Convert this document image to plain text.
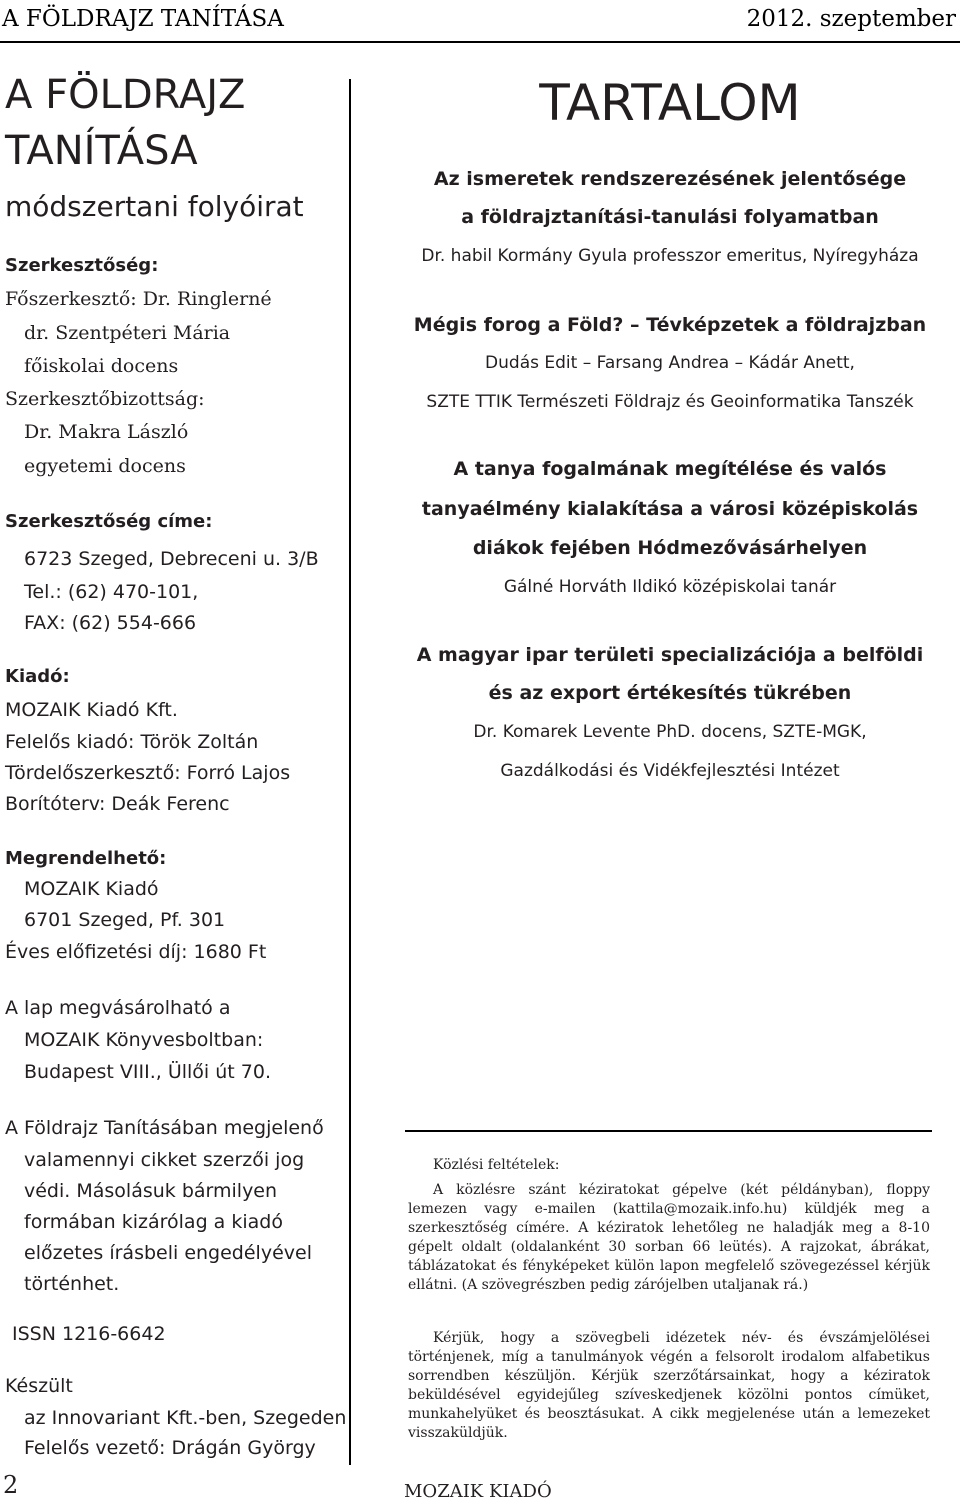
A FÖLDRAJZ TANÍTÁSA	2012. szeptember
A FÖLDRAJZ
TANÍTÁSA
módszertani folyóirat
Szerkesztőség:
Főszerkesztő: Dr. Ringlerné
dr. Szentpéteri Mária
főiskolai docens
Szerkesztőbizottság:
Dr. Makra László
egyetemi docens
Szerkesztőség címe:
6723 Szeged, Debreceni u. 3/B
Tel.: (62) 470-101,
FAX: (62) 554-666
Kiadó:
MOZAIK Kiadó Kft.
Felelős kiadó: Török Zoltán
Tördelőszerkesztő: Forró Lajos
Borítóterv: Deák Ferenc
Megrendelhető:
MOZAIK Kiadó
6701 Szeged, Pf. 301
Éves előfizetési díj: 1680 Ft
A lap megvásárolható a
MOZAIK Könyvesboltban:
Budapest VIII., Üllői út 70.
A Földrajz Tanításában megjelenő
valamennyi cikket szerzői jog
védi. Másolásuk bármilyen
formában kizárólag a kiadó
előzetes írásbeli engedélyével
történhet.
ISSN 1216-6642
Készült
az Innovariant Kft.-ben, Szegeden
Felelős vezető: Drágán György
2
TARTALOM
Az ismeretek rendszerezésének jelentősége
a földrajztanítási-tanulási folyamatban
Dr. habil Kormány Gyula professzor emeritus, Nyíregyháza
Mégis forog a Föld? – Tévképzetek a földrajzban
Dudás Edit – Farsang Andrea – Kádár Anett,
SZTE TTIK Természeti Földrajz és Geoinformatika Tanszék
A tanya fogalmának megítélése és valós
tanyaélmény kialakítása a városi középiskolás
diákok fejében Hódmezővásárhelyen
Gálné Horváth Ildikó középiskolai tanár
A magyar ipar területi specializációja a belföldi
és az export értékesítés tükrében
Dr. Komarek Levente PhD. docens, SZTE-MGK,
Gazdálkodási és Vidékfejlesztési Intézet
Közlési feltételek:
A közlésre szánt kéziratokat gépelve (két példányban), floppy lemezen vagy e-mailen (kattila@mozaik.info.hu) küldjék meg a szerkesztőség címére. A kéziratok lehetőleg ne haladják meg a 8-10 gépelt oldalt (oldalanként 30 sorban 66 leütés). A rajzokat, ábrákat, táblázatokat és fényképeket külön lapon megfelelő szövegezéssel kérjük ellátni. (A szövegrészben pedig zárójelben utaljanak rá.)
Kérjük, hogy a szövegbeli idézetek név- és évszámjelölései történjenek, míg a tanulmányok végén a felsorolt irodalom alfabetikus sorrendben készüljön. Kérjük szerzőtársainkat, hogy a kéziratok beküldésével egyidejűleg szíveskedjenek közölni pontos címüket, munkahelyüket és beosztásukat. A cikk megjelenése után a lemezeket visszaküldjük.
MOZAIK KIADÓ
